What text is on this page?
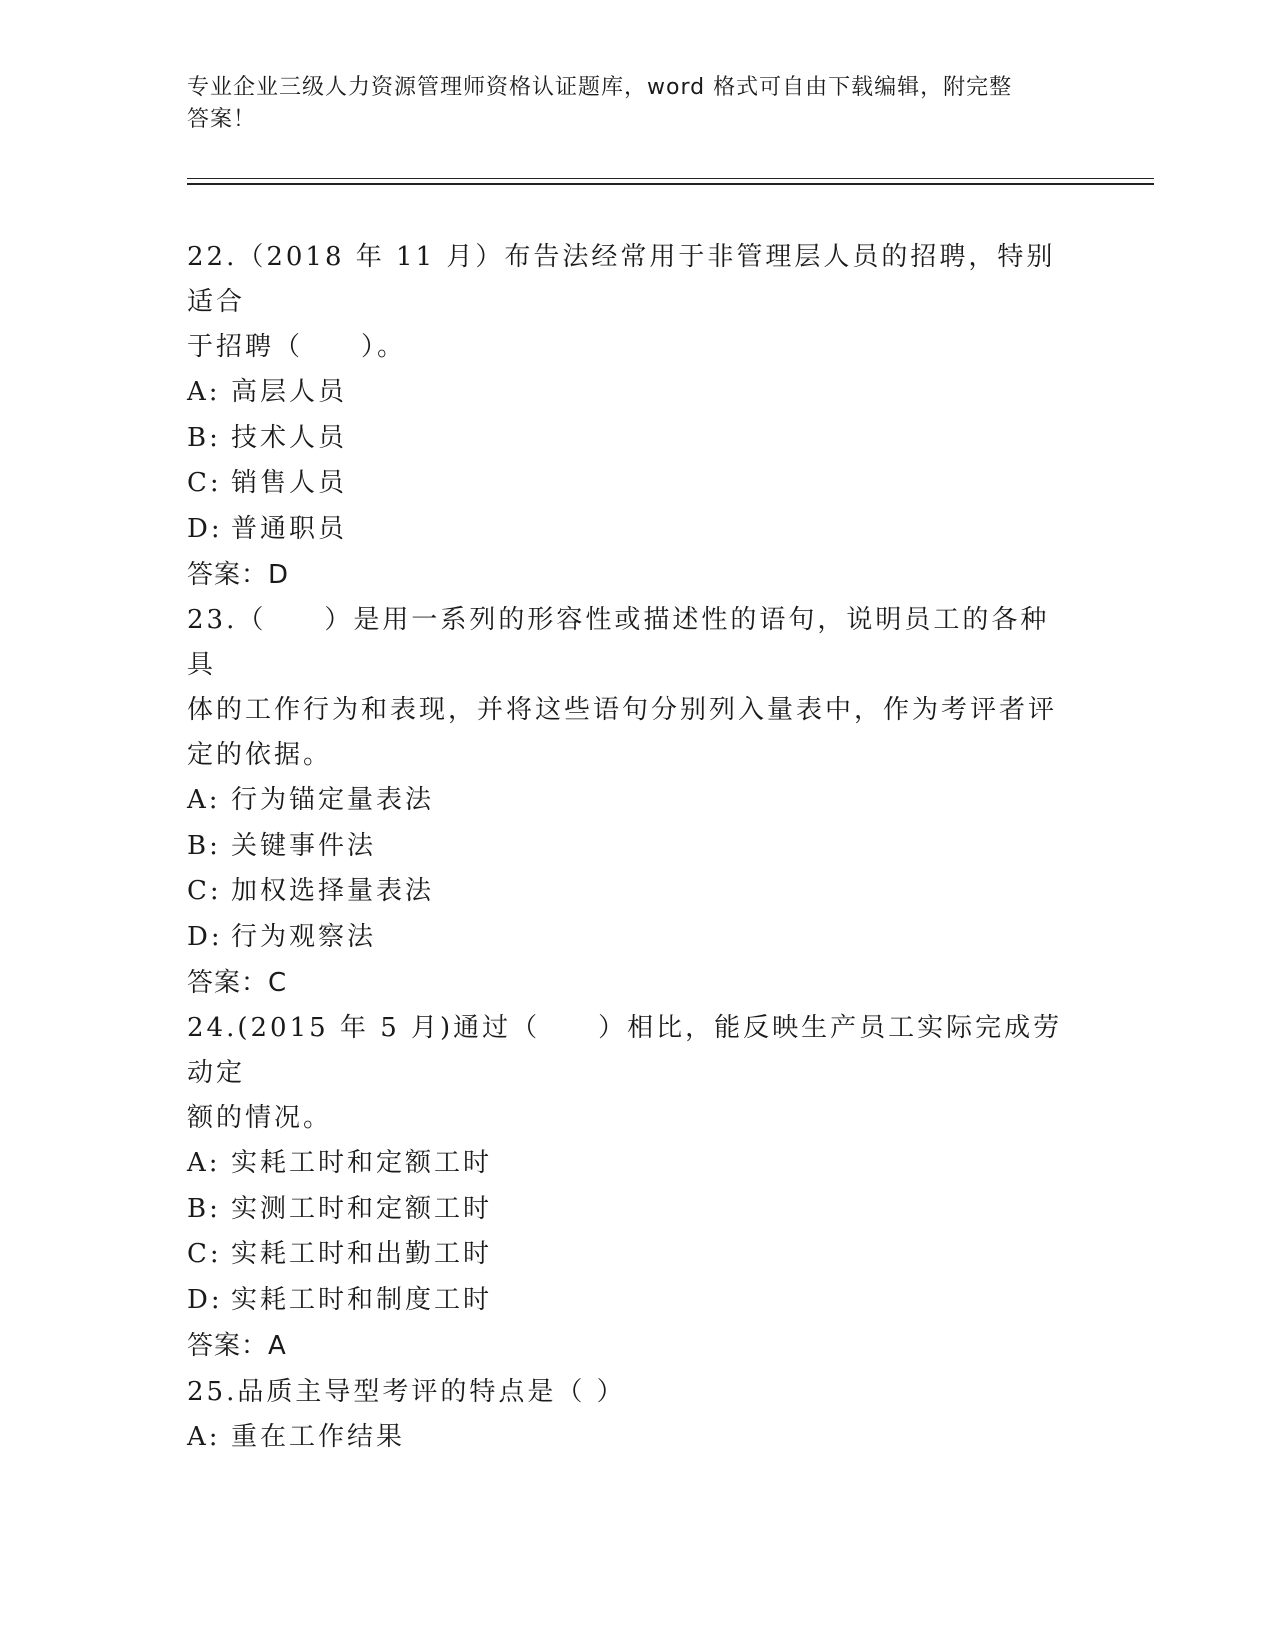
专业企业三级人力资源管理师资格认证题库，word 格式可自由下载编辑，附完整
答案！
22.（2018 年 11 月）布告法经常用于非管理层人员的招聘，特别适合
于招聘（　　）。
A: 高层人员
B: 技术人员
C: 销售人员
D: 普通职员
答案：D
23.（　　）是用一系列的形容性或描述性的语句，说明员工的各种具
体的工作行为和表现，并将这些语句分别列入量表中，作为考评者评
定的依据。
A: 行为锚定量表法
B: 关键事件法
C: 加权选择量表法
D: 行为观察法
答案：C
24.(2015 年 5 月)通过（　　）相比，能反映生产员工实际完成劳动定
额的情况。
A: 实耗工时和定额工时
B: 实测工时和定额工时
C: 实耗工时和出勤工时
D: 实耗工时和制度工时
答案：A
25.品质主导型考评的特点是（ ）
A: 重在工作结果
